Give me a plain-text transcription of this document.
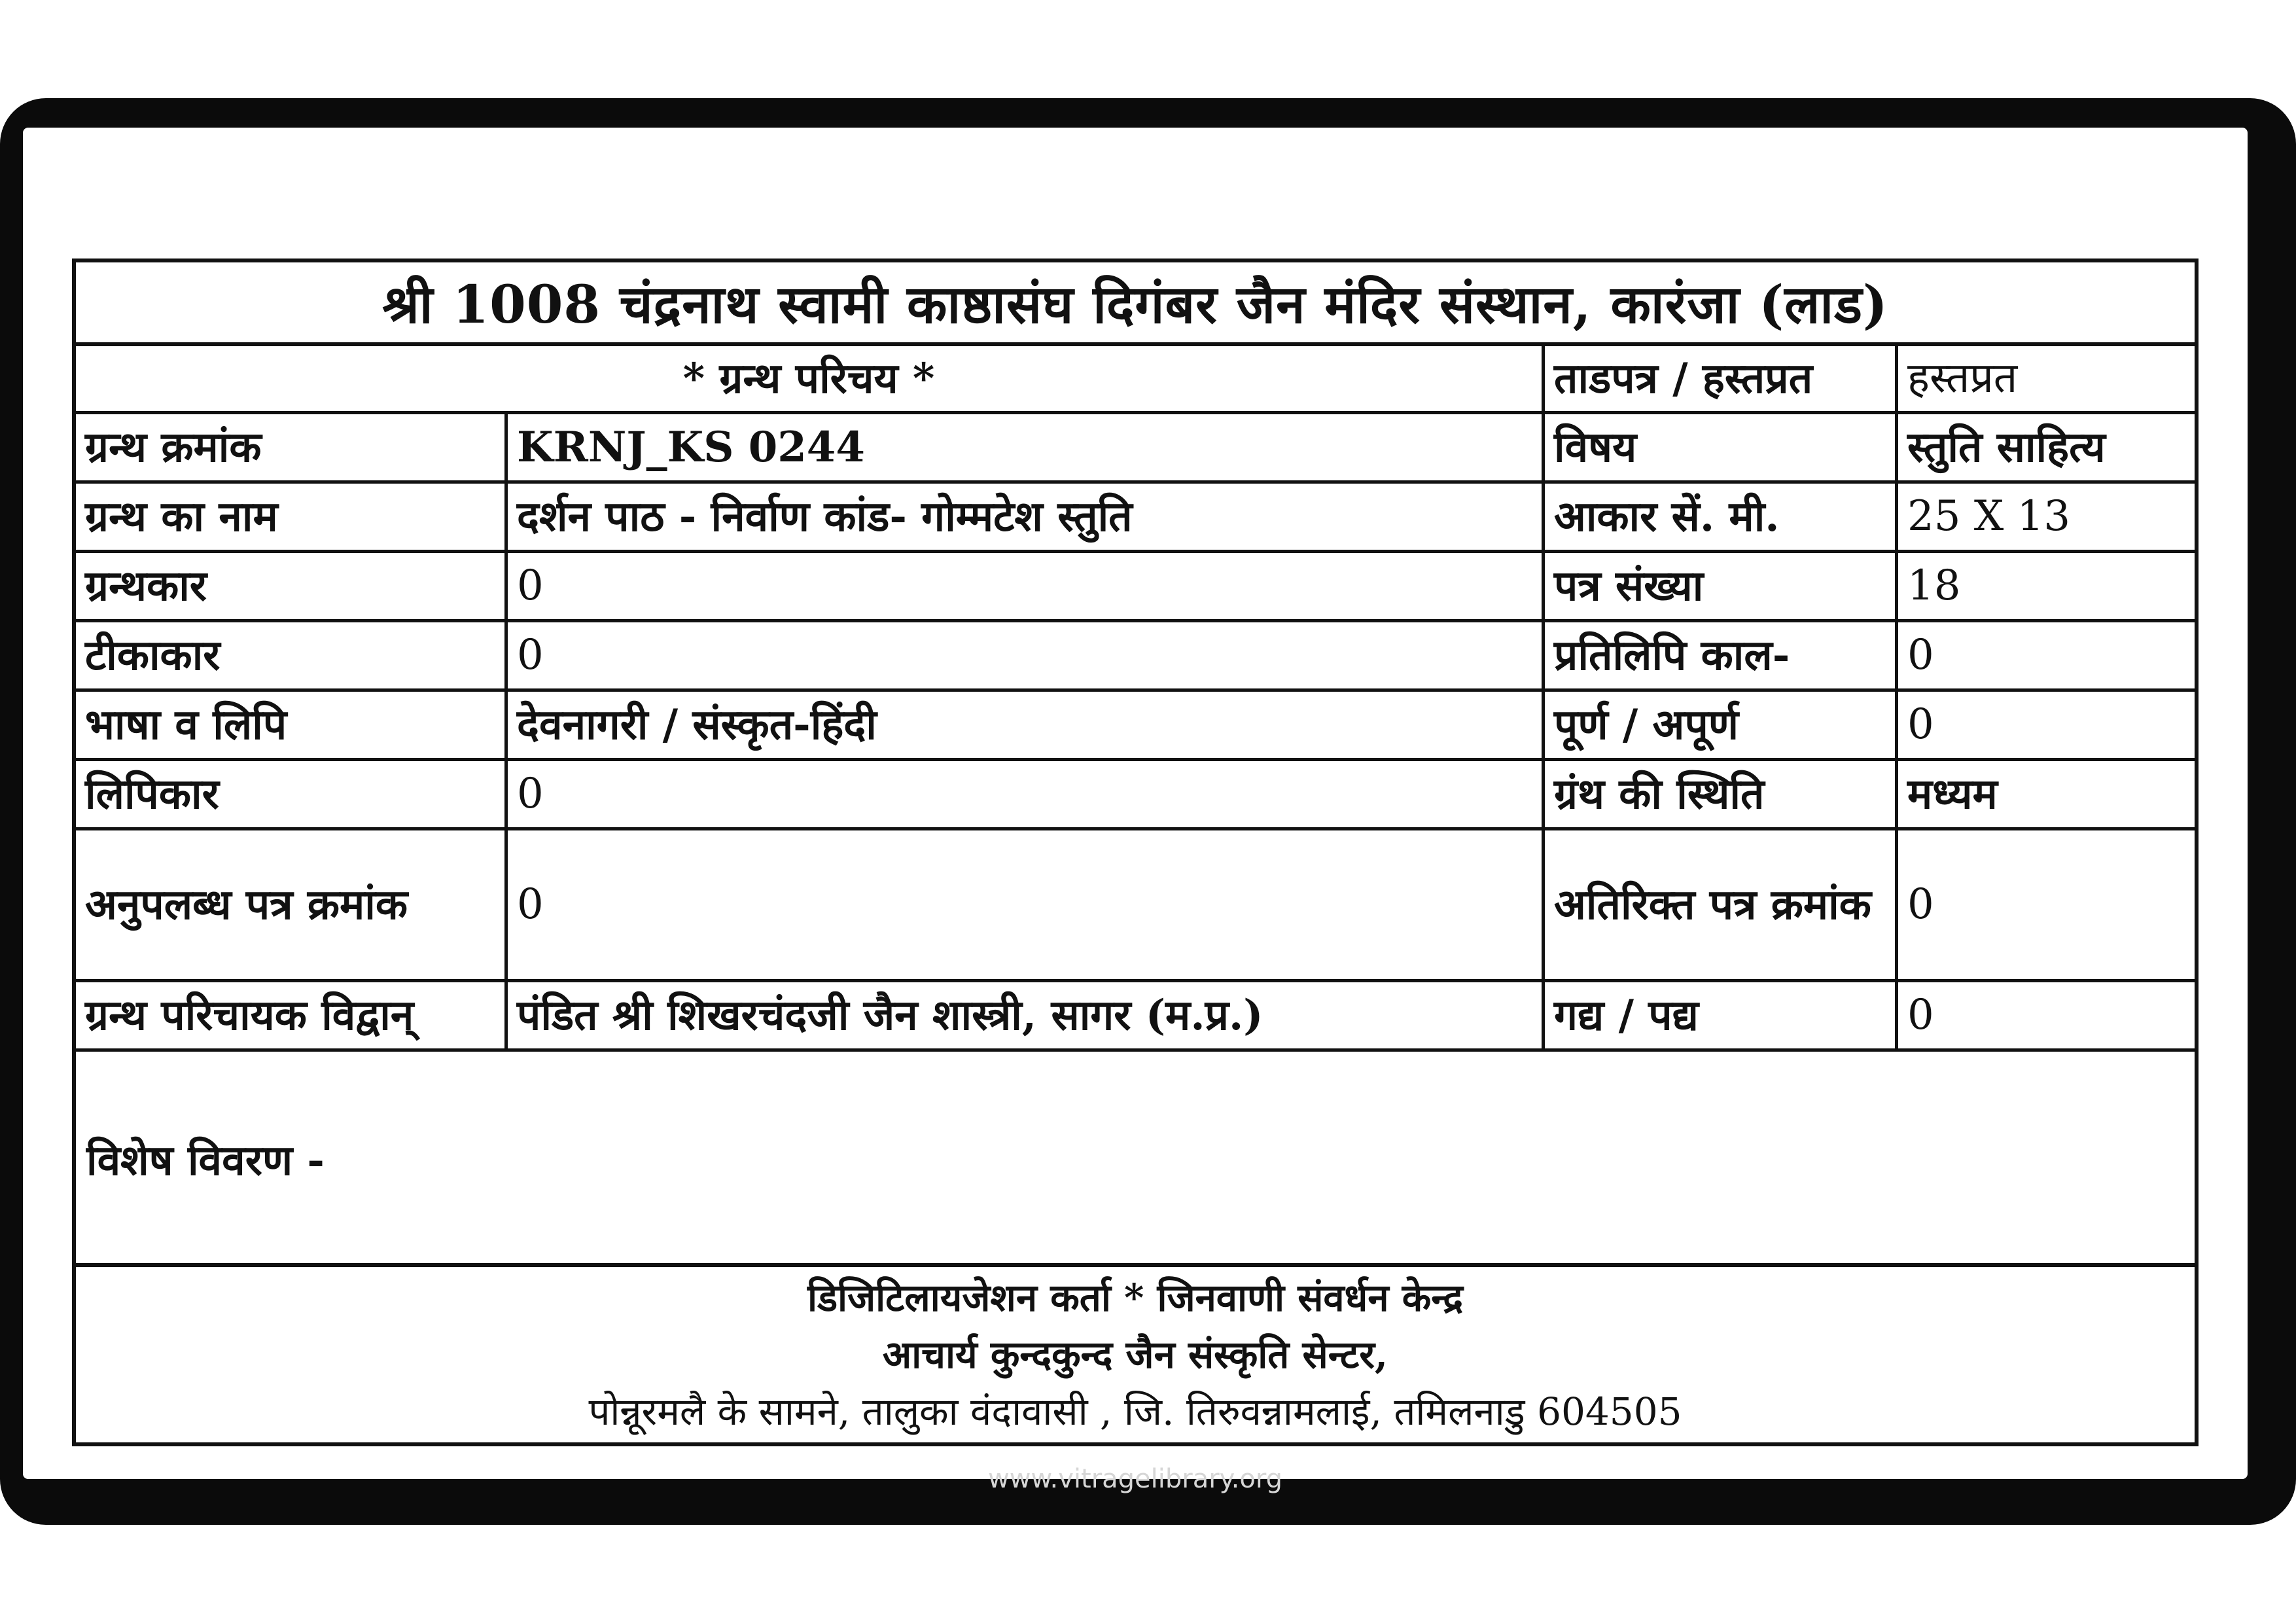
श्री 1008 चंद्रनाथ स्वामी काष्ठासंघ दिगंबर जैन मंदिर संस्थान, कारंजा (लाड)
* ग्रन्थ परिचय *	ताडपत्र / हस्तप्रत	हस्तप्रत
ग्रन्थ क्रमांक	KRNJ_KS 0244	विषय	स्तुति साहित्य
ग्रन्थ का नाम	दर्शन पाठ - निर्वाण कांड- गोम्मटेश स्तुति	आकार सें. मी.	25 X 13
ग्रन्थकार	0	पत्र संख्या	18
टीकाकार	0	प्रतिलिपि काल-	0
भाषा व लिपि	देवनागरी / संस्कृत-हिंदी	पूर्ण / अपूर्ण	0
लिपिकार	0	ग्रंथ की स्थिति	मध्यम
अनुपलब्ध पत्र क्रमांक	0	अतिरिक्त पत्र क्रमांक 0
ग्रन्थ परिचायक विद्वान्	पंडित श्री शिखरचंदजी जैन शास्त्री, सागर (म.प्र.)	गद्य / पद्य	0
विशेष विवरण -
डिजिटिलायजेशन कर्ता * जिनवाणी संवर्धन केन्द्र
आचार्य कुन्दकुन्द जैन संस्कृति सेन्टर,
पोन्नूरमलै के सामने, तालुका वंदावासी , जि. तिरुवन्नामलाई, तमिलनाडु 604505
www.vitragelibrary.org
